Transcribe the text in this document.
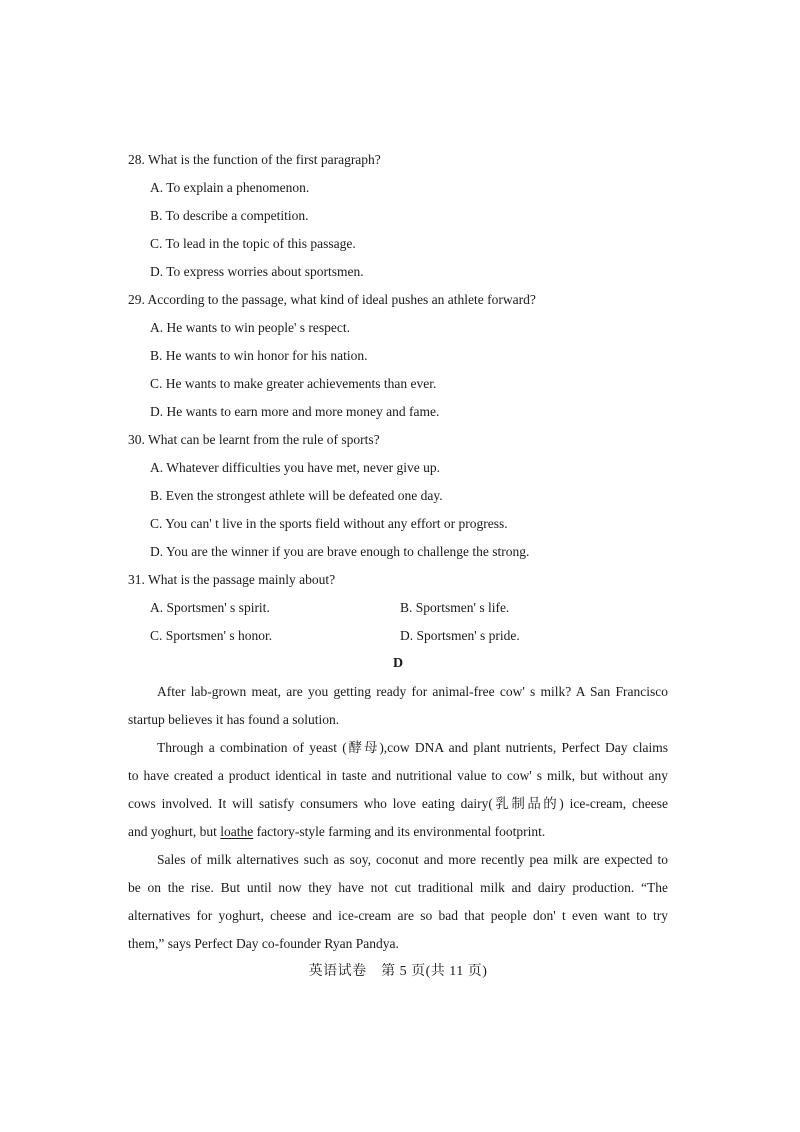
28. What is the function of the first paragraph?
A. To explain a phenomenon.
B. To describe a competition.
C. To lead in the topic of this passage.
D. To express worries about sportsmen.
29. According to the passage, what kind of ideal pushes an athlete forward?
A. He wants to win people' s respect.
B. He wants to win honor for his nation.
C. He wants to make greater achievements than ever.
D. He wants to earn more and more money and fame.
30. What can be learnt from the rule of sports?
A. Whatever difficulties you have met, never give up.
B. Even the strongest athlete will be defeated one day.
C. You can' t live in the sports field without any effort or progress.
D. You are the winner if you are brave enough to challenge the strong.
31. What is the passage mainly about?
A. Sportsmen' s spirit.	B. Sportsmen' s life.
C. Sportsmen' s honor.	D. Sportsmen' s pride.
D
After lab-grown meat, are you getting ready for animal-free cow' s milk? A San Francisco
startup believes it has found a solution.
Through a combination of yeast (酵母),cow DNA and plant nutrients, Perfect Day claims
to have created a product identical in taste and nutritional value to cow' s milk, but without any
cows involved. It will satisfy consumers who love eating dairy(乳制品的) ice-cream, cheese
and yoghurt, but loathe factory-style farming and its environmental footprint.
Sales of milk alternatives such as soy, coconut and more recently pea milk are expected to
be on the rise. But until now they have not cut traditional milk and dairy production. “The
alternatives for yoghurt, cheese and ice-cream are so bad that people don' t even want to try
them,” says Perfect Day co-founder Ryan Pandya.
英语试卷　第 5 页(共 11 页)
